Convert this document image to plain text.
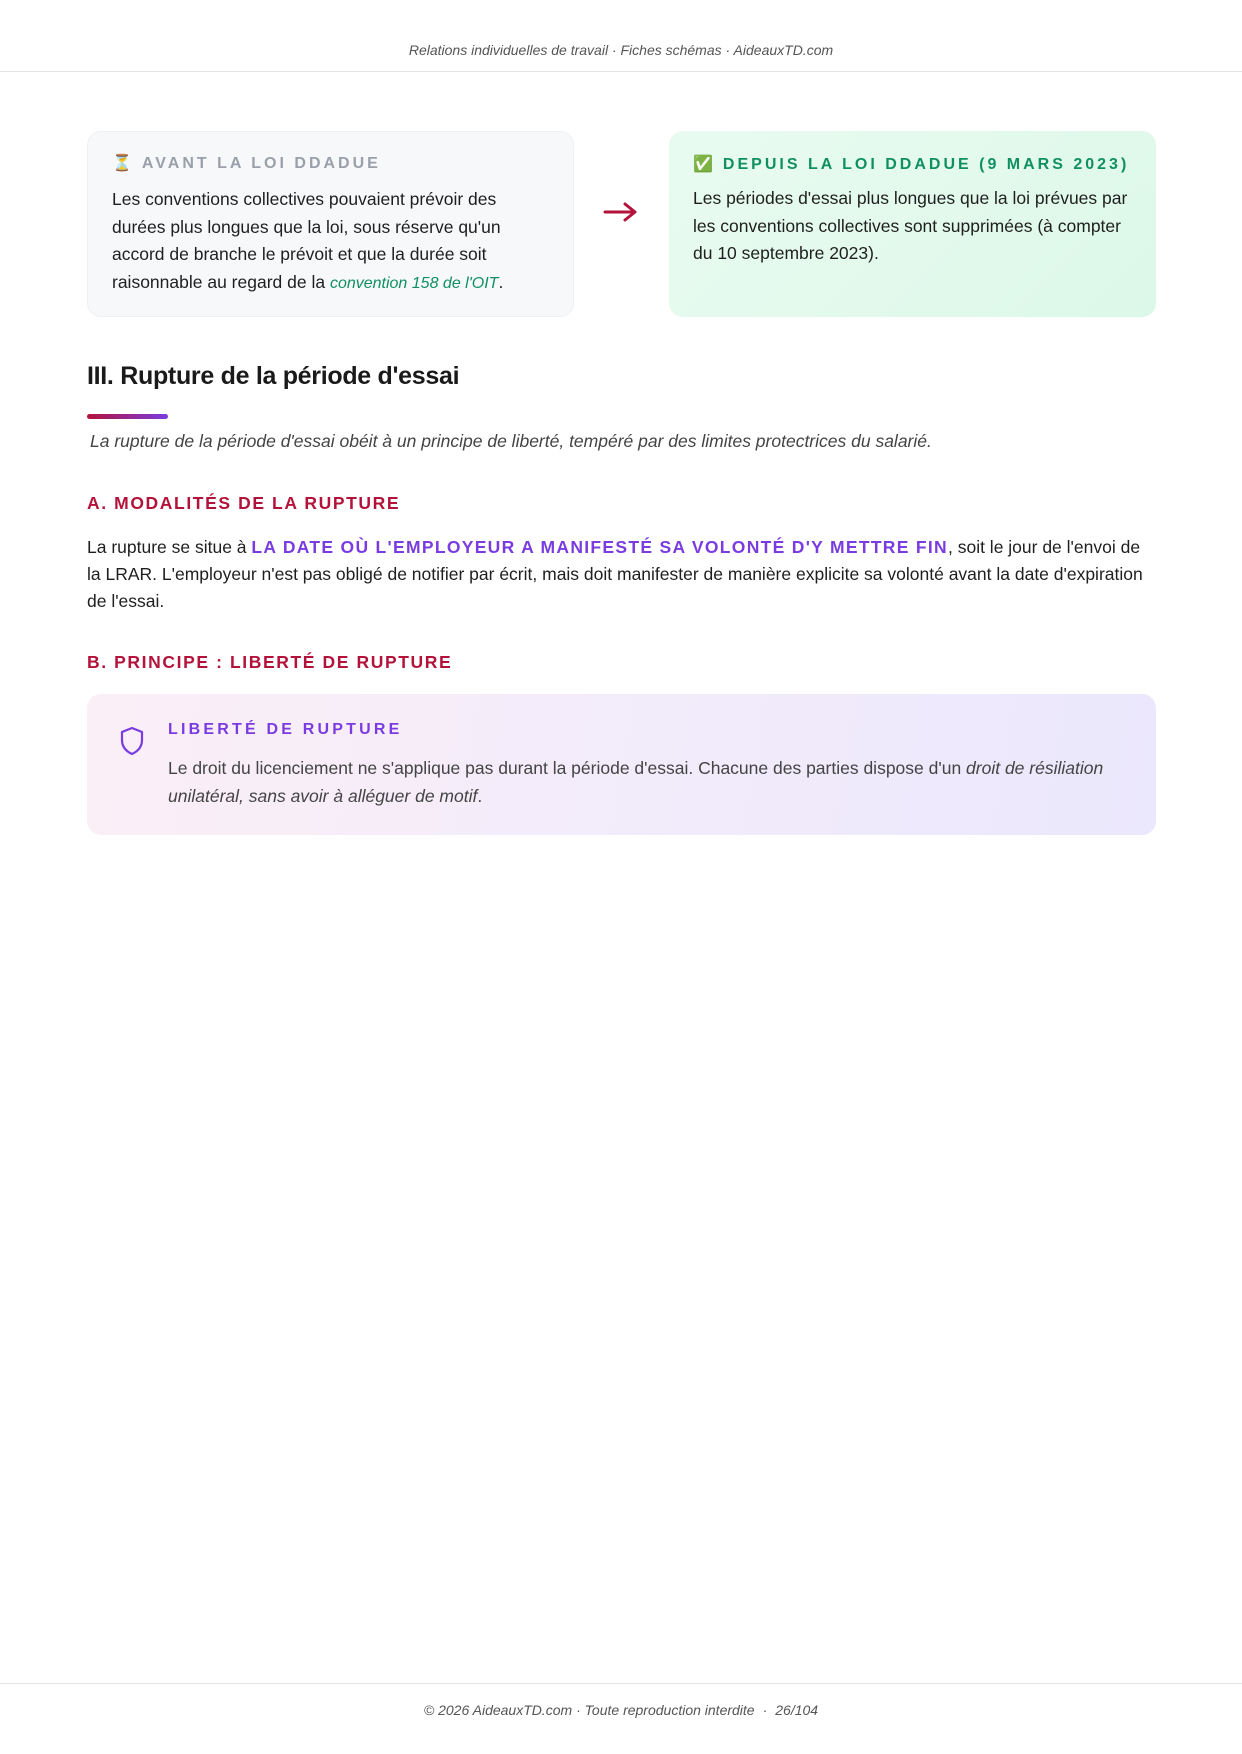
Relations individuelles de travail · Fiches schémas · AideauxTD.com
⏳ AVANT LA LOI DDADUE
Les conventions collectives pouvaient prévoir des durées plus longues que la loi, sous réserve qu'un accord de branche le prévoit et que la durée soit raisonnable au regard de la convention 158 de l'OIT.
✅ DEPUIS LA LOI DDADUE (9 MARS 2023)
Les périodes d'essai plus longues que la loi prévues par les conventions collectives sont supprimées (à compter du 10 septembre 2023).
III. Rupture de la période d'essai
La rupture de la période d'essai obéit à un principe de liberté, tempéré par des limites protectrices du salarié.
A. MODALITÉS DE LA RUPTURE
La rupture se situe à LA DATE OÙ L'EMPLOYEUR A MANIFESTÉ SA VOLONTÉ D'Y METTRE FIN, soit le jour de l'envoi de la LRAR. L'employeur n'est pas obligé de notifier par écrit, mais doit manifester de manière explicite sa volonté avant la date d'expiration de l'essai.
B. PRINCIPE : LIBERTÉ DE RUPTURE
LIBERTÉ DE RUPTURE
Le droit du licenciement ne s'applique pas durant la période d'essai. Chacune des parties dispose d'un droit de résiliation unilatéral, sans avoir à alléguer de motif.
© 2026 AideauxTD.com · Toute reproduction interdite · 26/104
